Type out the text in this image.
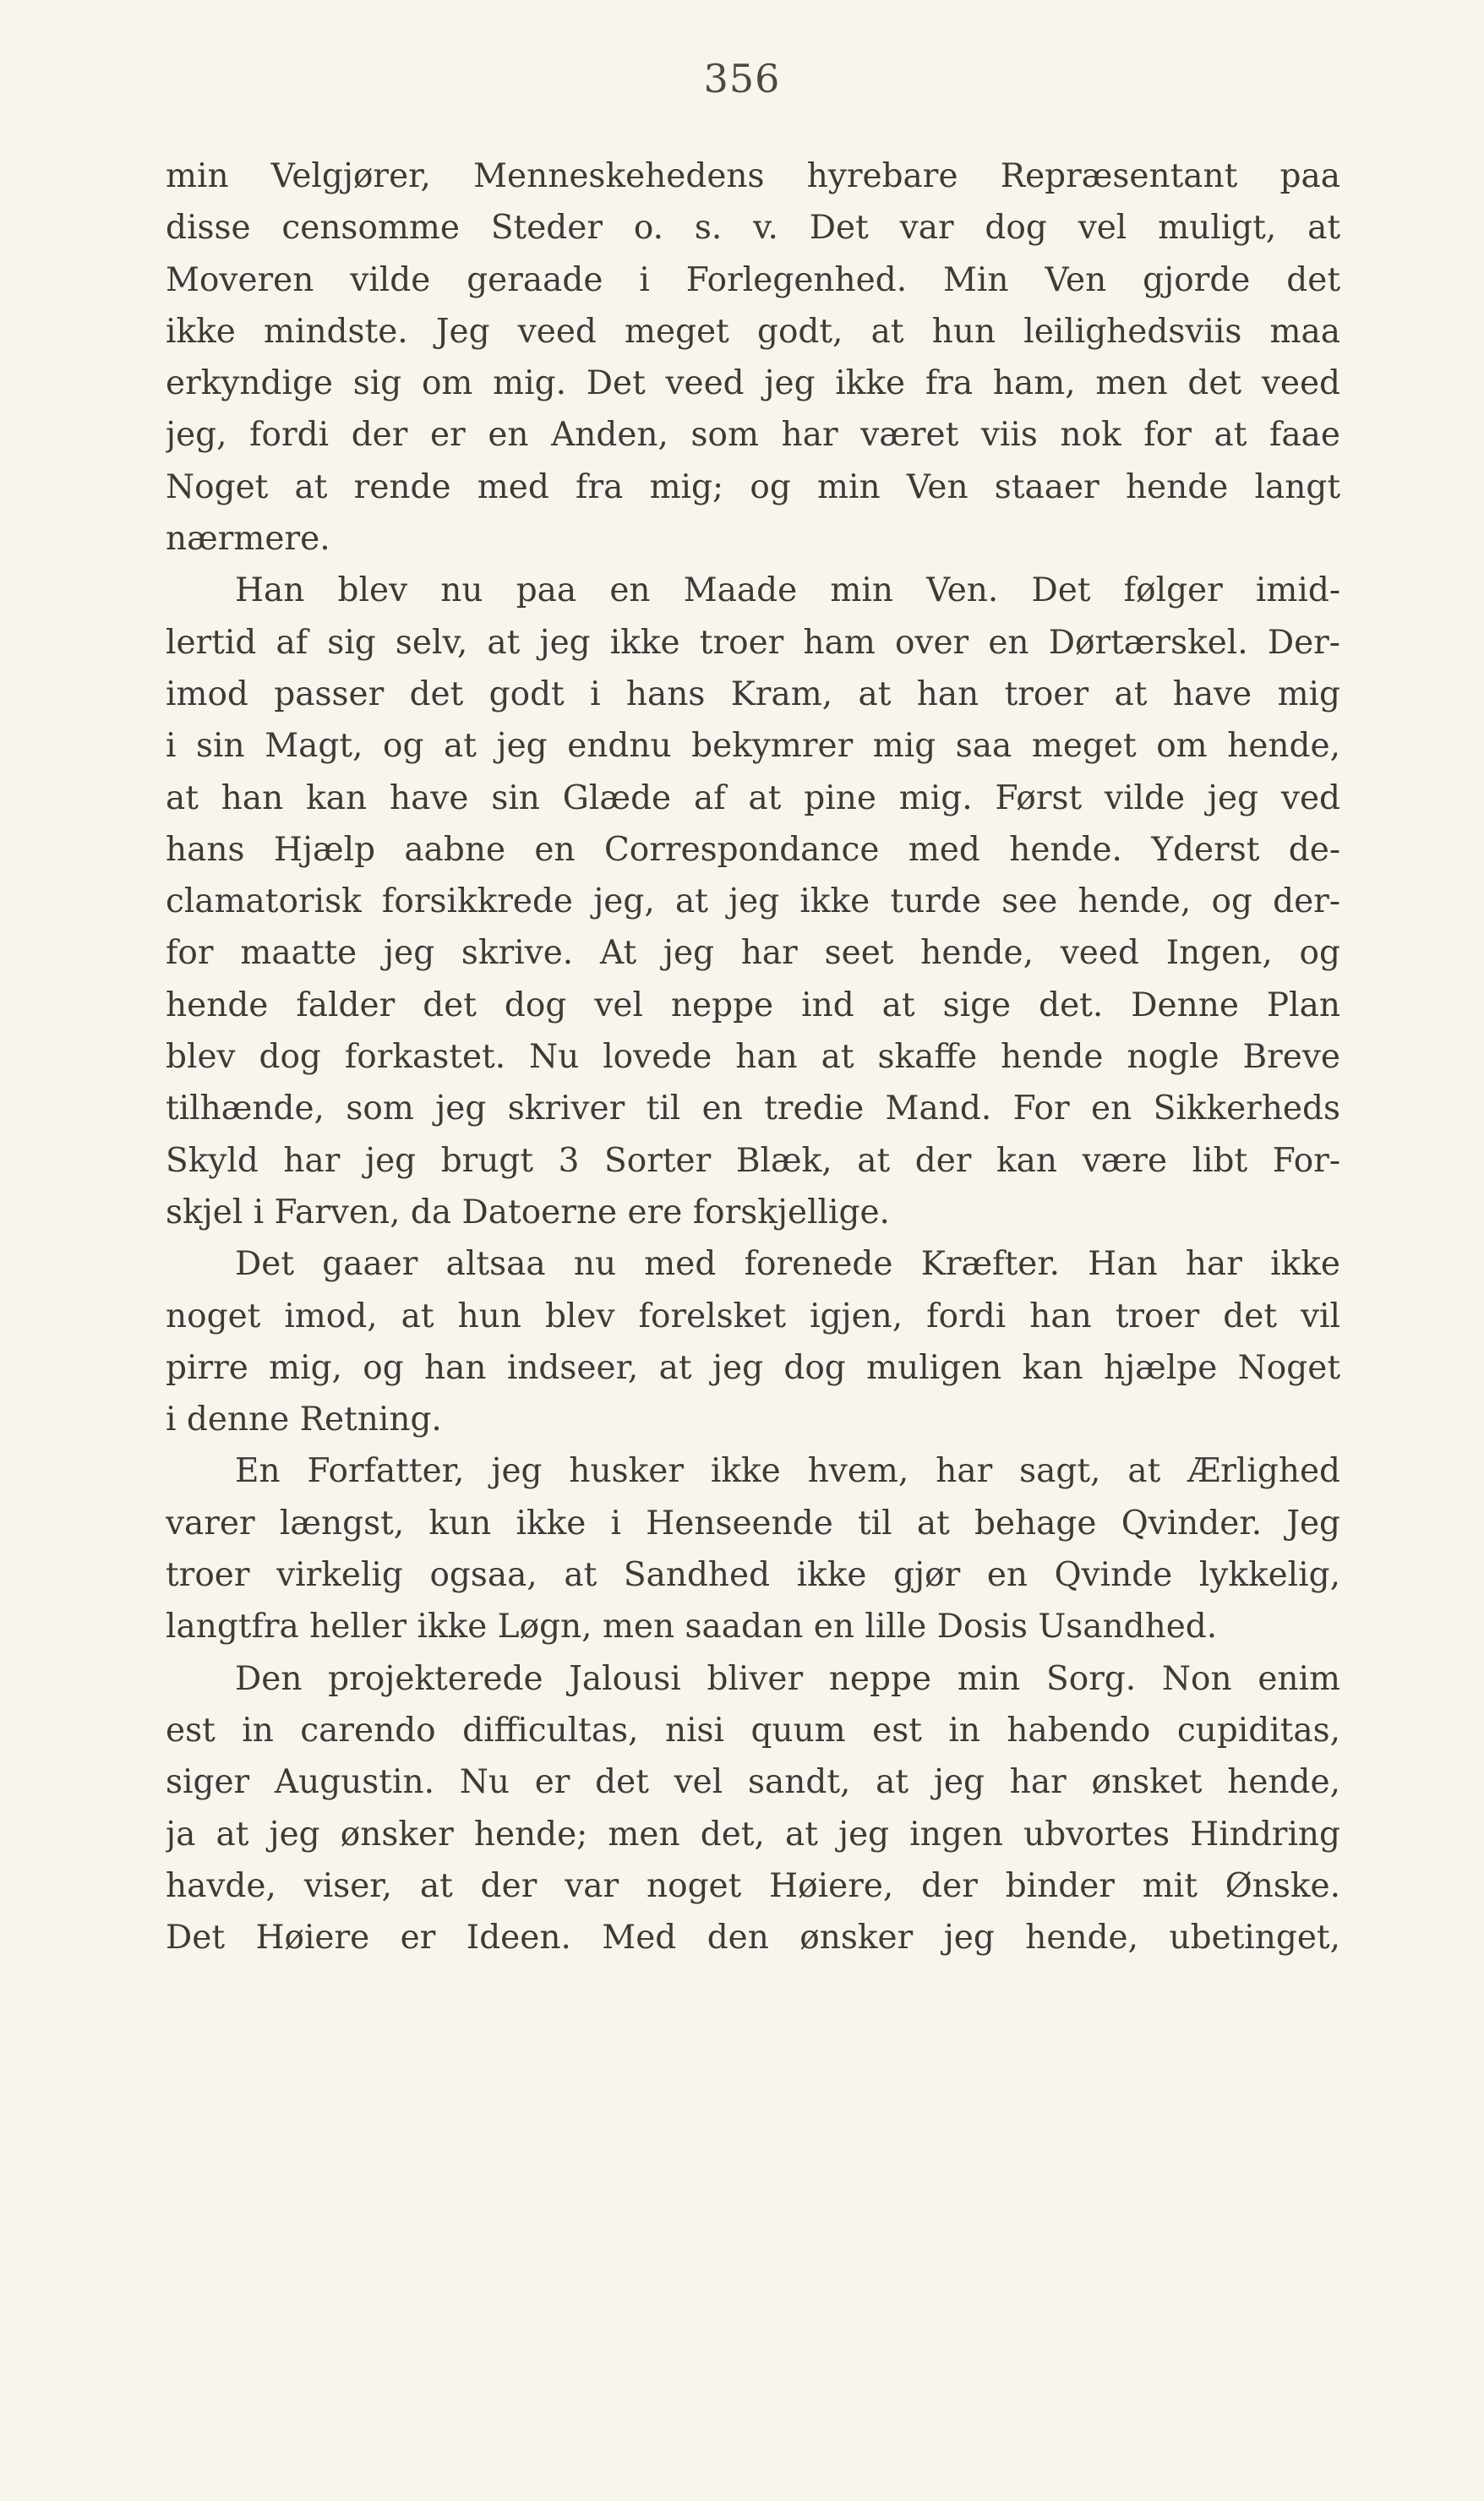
356
min Velgjører, Menneskehedens hyrebare Repræsentant paa
disse censomme Steder o. s. v. Det var dog vel muligt, at
Moveren vilde geraade i Forlegenhed. Min Ven gjorde det
ikke mindste. Jeg veed meget godt, at hun leilighedsviis maa
erkyndige sig om mig. Det veed jeg ikke fra ham, men det veed
jeg, fordi der er en Anden, som har været viis nok for at faae
Noget at rende med fra mig; og min Ven staaer hende langt
nærmere.
Han blev nu paa en Maade min Ven. Det følger imid-
lertid af sig selv, at jeg ikke troer ham over en Dørtærskel. Der-
imod passer det godt i hans Kram, at han troer at have mig
i sin Magt, og at jeg endnu bekymrer mig saa meget om hende,
at han kan have sin Glæde af at pine mig. Først vilde jeg ved
hans Hjælp aabne en Correspondance med hende. Yderst de-
clamatorisk forsikkrede jeg, at jeg ikke turde see hende, og der-
for maatte jeg skrive. At jeg har seet hende, veed Ingen, og
hende falder det dog vel neppe ind at sige det. Denne Plan
blev dog forkastet. Nu lovede han at skaffe hende nogle Breve
tilhænde, som jeg skriver til en tredie Mand. For en Sikkerheds
Skyld har jeg brugt 3 Sorter Blæk, at der kan være libt For-
skjel i Farven, da Datoerne ere forskjellige.
Det gaaer altsaa nu med forenede Kræfter. Han har ikke
noget imod, at hun blev forelsket igjen, fordi han troer det vil
pirre mig, og han indseer, at jeg dog muligen kan hjælpe Noget
i denne Retning.
En Forfatter, jeg husker ikke hvem, har sagt, at Ærlighed
varer længst, kun ikke i Henseende til at behage Qvinder. Jeg
troer virkelig ogsaa, at Sandhed ikke gjør en Qvinde lykkelig,
langtfra heller ikke Løgn, men saadan en lille Dosis Usandhed.
Den projekterede Jalousi bliver neppe min Sorg. Non enim
est in carendo difficultas, nisi quum est in habendo cupiditas,
siger Augustin. Nu er det vel sandt, at jeg har ønsket hende,
ja at jeg ønsker hende; men det, at jeg ingen ubvortes Hindring
havde, viser, at der var noget Høiere, der binder mit Ønske.
Det Høiere er Ideen. Med den ønsker jeg hende, ubetinget,
